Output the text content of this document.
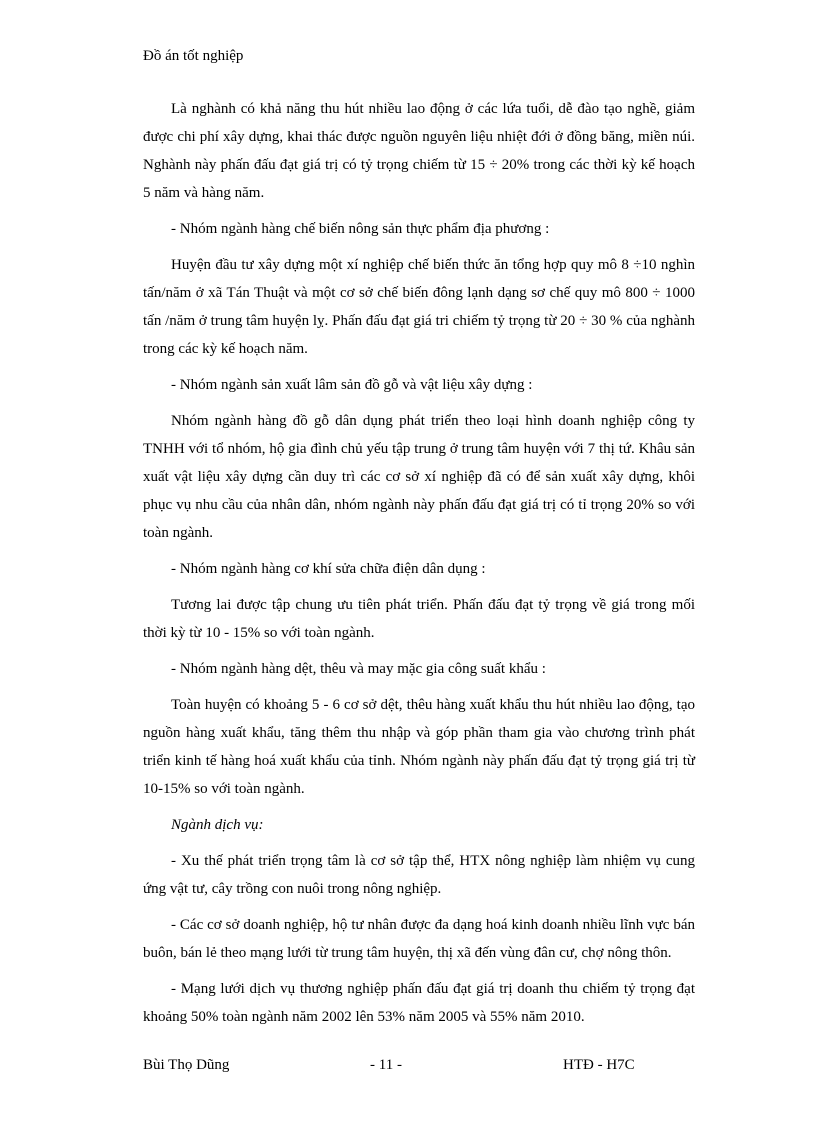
Đồ án tốt nghiệp

Là nghành có khả năng thu hút nhiều lao động ở các lứa tuổi, dễ đào tạo nghề, giảm được chi phí xây dựng, khai thác được nguồn nguyên liệu nhiệt đới ở đồng băng, miền núi. Nghành này phấn đấu đạt giá trị có tỷ trọng chiếm từ 15 ÷ 20% trong các thời kỳ kế hoạch 5 năm và hàng năm.

- Nhóm ngành hàng chế biến nông sản thực phẩm địa phương :

Huyện đầu tư xây dựng một xí nghiệp chế biến thức ăn tổng hợp quy mô 8 ÷10 nghìn tấn/năm ở xã Tán Thuật và một cơ sở chế biến đông lạnh dạng sơ chế quy mô 800 ÷ 1000 tấn /năm ở trung tâm huyện lỵ. Phấn đấu đạt giá tri chiếm tỷ trọng từ 20 ÷ 30 % của nghành trong các kỳ kế hoạch năm.

- Nhóm ngành sản xuất lâm sản đồ gỗ và vật liệu xây dựng :

Nhóm ngành hàng đồ gỗ dân dụng phát triển theo loại hình doanh nghiệp công ty TNHH với tổ nhóm, hộ gia đình chủ yếu tập trung ở trung tâm huyện với 7 thị tứ. Khâu sản xuất vật liệu xây dựng cần duy trì các cơ sở xí nghiệp đã có để sản xuất xây dựng, khôi phục vụ nhu cầu của nhân dân, nhóm ngành này phấn đấu đạt giá trị có tỉ trọng 20% so với toàn ngành.

- Nhóm ngành hàng cơ khí sửa chữa điện dân dụng :

Tương lai được tập chung ưu tiên phát triển. Phấn đấu đạt tỷ trọng về giá trong mối thời kỳ từ 10 - 15% so với toàn ngành.

- Nhóm ngành hàng dệt, thêu và may mặc gia công suất khẩu :

Toàn huyện có khoảng 5 - 6 cơ sở dệt, thêu hàng xuất khẩu thu hút nhiều lao động, tạo nguồn hàng xuất khẩu, tăng thêm thu nhập và góp phần tham gia vào chương trình phát triển kinh tế hàng hoá xuất khẩu của tỉnh. Nhóm ngành này phấn đấu đạt tỷ trọng giá trị từ 10-15% so với toàn ngành.

Ngành dịch vụ:

- Xu thế phát triển trọng tâm là cơ sở tập thể, HTX nông nghiệp làm nhiệm vụ cung ứng vật tư, cây trồng con nuôi trong nông nghiệp.

- Các cơ sở doanh nghiệp, hộ tư nhân được đa dạng hoá kinh doanh nhiều lĩnh vực bán buôn, bán lẻ theo mạng lưới từ trung tâm huyện, thị xã đến vùng đân cư, chợ nông thôn.

- Mạng lưới dịch vụ thương nghiệp phấn đấu đạt giá trị doanh thu chiếm tỷ trọng đạt khoảng 50% toàn ngành năm 2002 lên 53% năm 2005 và 55% năm 2010.

Bùi Thọ Dũng	- 11 -	HTĐ - H7C
